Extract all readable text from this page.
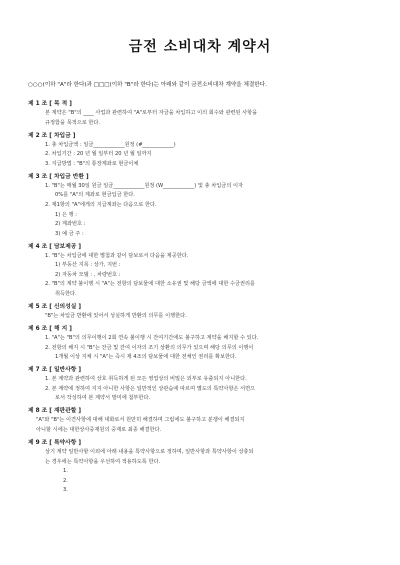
금전 소비대차 계약서
○○○(이하 "A"라 한다)과 □□□(이하 "B"라 한다)는 아래와 같이 금전소비대차 계약을 체결한다.
제 1 조 [ 목 적 ]
본 계약은 "B"의 ____ 사업과 관련하여 "A"로부터 자금을 차입하고 이의 회수와 관련된 사항을
규정함을 목적으로 한다.
제 2 조 [ 차입금 ]
1. 총 차입금액 : 일금____________원정 (#____________)
2. 차입기간 : 20 년 월 일부터 20 년 월 일까지
3. 지급방법 : "B"의 통장계좌로 현금이체
제 3 조 [ 차입금 반환 ]
1. "B"는 매월 30일 원금 일금____________원정 (W____________) 및 총 차입금의 이자
0%를 "A"의 계좌로 현금입금 한다.
2. 제1항의 "A"에게의 지급계좌는 다음으로 한다.
1) 은 행 :
2) 계좌번호 :
3) 예 금 주 :
제 4 조 [ 담보제공 ]
1. "B"는 차입금에 대한 별첨과 같이 담보로서 다음을 제공한다.
1) 부동산 지목 : 상가, 지번 :
2) 자동차 모델 : , 차량번호 :
2. "B"의 계약 불이행 시 "A"는 전항의 담보물에 대한 소유권 및 해당 금액에 대한 수금권리를
취득한다.
제 5 조 [ 신의성실 ]
"B"는 차입금 반환에 있어서 성실하게 반환의 의무를 이행한다.
제 6 조 [ 해 지 ]
1. "A"는 "B"의 의무이행이 2회 연속 불이행 시 잔여기간에도 불구하고 계약을 해지할 수 있다.
2. 전항의 해지 시 "B"는 잔금 및 잔여 이자의 조기 상환의 의무가 있으며 해당 의무의 이행이
1개월 이상 지체 시 "A"는 즉시 제 4조의 담보물에 대한 전체인 권리를 확보한다.
제 7 조 [ 일반사항 ]
1. 본 계약과 관련하여 상호 취득하게 된 모든 영업상의 비밀은 외부로 유출되지 아니한다.
2. 본 계약에 정하여 지지 아니한 사항은 일반적인 상관습에 따르며 별도의 특약사항은 서면으
로서 작성하여 본 계약서 말미에 첨부한다.
제 8 조 [ 재판관할 ]
"A"와 "B"는 이견사항에 대해 대화로서 원만히 해결하며 그럼에도 불구하고 분쟁이 해결되지
아니할 시에는 대한상사중재원의 중재로 최종 해결한다.
제 9 조 [ 특약사항 ]
상기 계약 일반사항 이외에 아래 내용을 특약사항으로 정하며, 일반사항과 특약사항이 상충되
는 경우에는 특약사항을 우선하여 적용하도록 한다.
1.
2.
3.
